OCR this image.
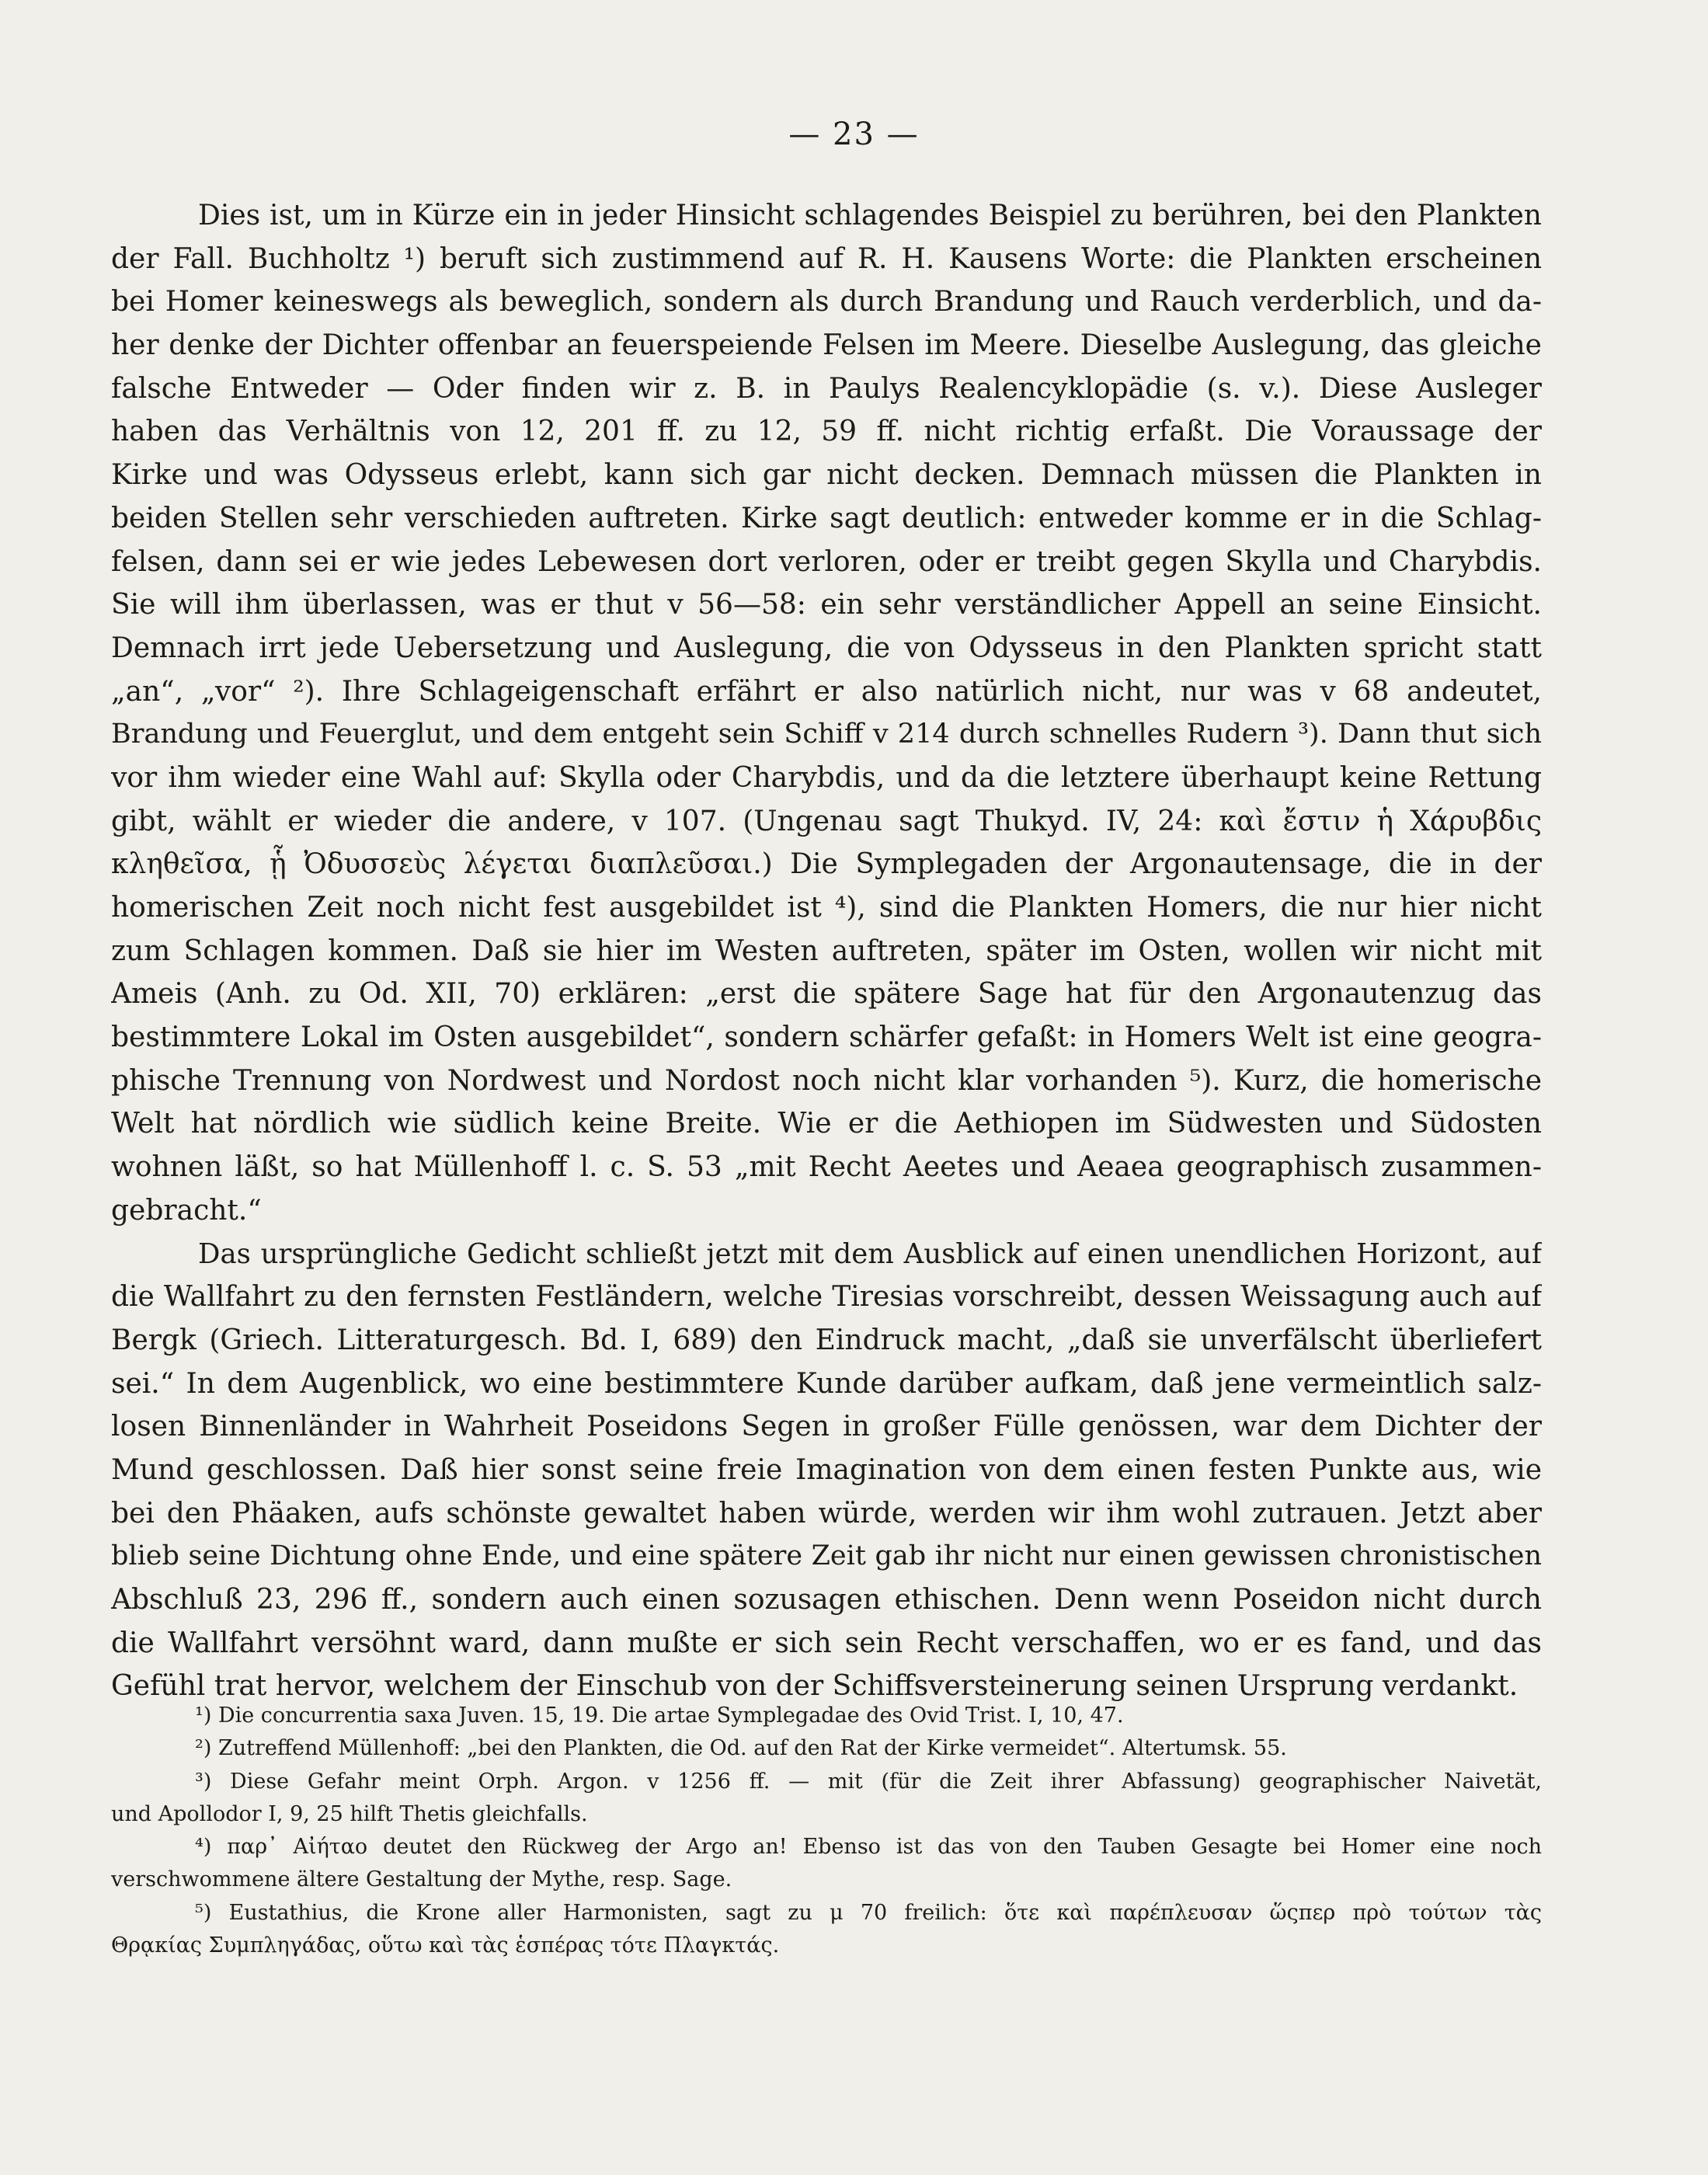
— 23 —
Dies ist, um in Kürze ein in jeder Hinsicht schlagendes Beispiel zu berühren, bei den Plankten
der Fall. Buchholtz ¹) beruft sich zustimmend auf R. H. Kausens Worte: die Plankten erscheinen
bei Homer keineswegs als beweglich, sondern als durch Brandung und Rauch verderblich, und da-
her denke der Dichter offenbar an feuerspeiende Felsen im Meere. Dieselbe Auslegung, das gleiche
falsche Entweder — Oder finden wir z. B. in Paulys Realencyklopädie (s. v.). Diese Ausleger
haben das Verhältnis von 12, 201 ff. zu 12, 59 ff. nicht richtig erfaßt. Die Voraussage der
Kirke und was Odysseus erlebt, kann sich gar nicht decken. Demnach müssen die Plankten in
beiden Stellen sehr verschieden auftreten. Kirke sagt deutlich: entweder komme er in die Schlag-
felsen, dann sei er wie jedes Lebewesen dort verloren, oder er treibt gegen Skylla und Charybdis.
Sie will ihm überlassen, was er thut v 56—58: ein sehr verständlicher Appell an seine Einsicht.
Demnach irrt jede Uebersetzung und Auslegung, die von Odysseus in den Plankten spricht statt
„an“, „vor“ ²). Ihre Schlageigenschaft erfährt er also natürlich nicht, nur was v 68 andeutet,
Brandung und Feuerglut, und dem entgeht sein Schiff v 214 durch schnelles Rudern ³). Dann thut sich
vor ihm wieder eine Wahl auf: Skylla oder Charybdis, und da die letztere überhaupt keine Rettung
gibt, wählt er wieder die andere, v 107. (Ungenau sagt Thukyd. IV, 24: καὶ ἔστιν ἡ Χάρυβδις
κληθεῖσα, ᾗ Ὀδυσσεὺς λέγεται διαπλεῦσαι.) Die Symplegaden der Argonautensage, die in der
homerischen Zeit noch nicht fest ausgebildet ist ⁴), sind die Plankten Homers, die nur hier nicht
zum Schlagen kommen. Daß sie hier im Westen auftreten, später im Osten, wollen wir nicht mit
Ameis (Anh. zu Od. XII, 70) erklären: „erst die spätere Sage hat für den Argonautenzug das
bestimmtere Lokal im Osten ausgebildet“, sondern schärfer gefaßt: in Homers Welt ist eine geogra-
phische Trennung von Nordwest und Nordost noch nicht klar vorhanden ⁵). Kurz, die homerische
Welt hat nördlich wie südlich keine Breite. Wie er die Aethiopen im Südwesten und Südosten
wohnen läßt, so hat Müllenhoff l. c. S. 53 „mit Recht Aeetes und Aeaea geographisch zusammen-
gebracht.“
Das ursprüngliche Gedicht schließt jetzt mit dem Ausblick auf einen unendlichen Horizont, auf
die Wallfahrt zu den fernsten Festländern, welche Tiresias vorschreibt, dessen Weissagung auch auf
Bergk (Griech. Litteraturgesch. Bd. I, 689) den Eindruck macht, „daß sie unverfälscht überliefert
sei.“ In dem Augenblick, wo eine bestimmtere Kunde darüber aufkam, daß jene vermeintlich salz-
losen Binnenländer in Wahrheit Poseidons Segen in großer Fülle genössen, war dem Dichter der
Mund geschlossen. Daß hier sonst seine freie Imagination von dem einen festen Punkte aus, wie
bei den Phäaken, aufs schönste gewaltet haben würde, werden wir ihm wohl zutrauen. Jetzt aber
blieb seine Dichtung ohne Ende, und eine spätere Zeit gab ihr nicht nur einen gewissen chronistischen
Abschluß 23, 296 ff., sondern auch einen sozusagen ethischen. Denn wenn Poseidon nicht durch
die Wallfahrt versöhnt ward, dann mußte er sich sein Recht verschaffen, wo er es fand, und das
Gefühl trat hervor, welchem der Einschub von der Schiffsversteinerung seinen Ursprung verdankt.
¹) Die concurrentia saxa Juven. 15, 19. Die artae Symplegadae des Ovid Trist. I, 10, 47.
²) Zutreffend Müllenhoff: „bei den Plankten, die Od. auf den Rat der Kirke vermeidet“. Altertumsk. 55.
³) Diese Gefahr meint Orph. Argon. v 1256 ff. — mit (für die Zeit ihrer Abfassung) geographischer Naivetät,
und Apollodor I, 9, 25 hilft Thetis gleichfalls.
⁴) παρ᾽ Αἰήταο deutet den Rückweg der Argo an! Ebenso ist das von den Tauben Gesagte bei Homer eine noch
verschwommene ältere Gestaltung der Mythe, resp. Sage.
⁵) Eustathius, die Krone aller Harmonisten, sagt zu μ 70 freilich: ὅτε καὶ παρέπλευσαν ὥςπερ πρὸ τούτων τὰς
Θρᾳκίας Συμπληγάδας, οὕτω καὶ τὰς ἑσπέρας τότε Πλαγκτάς.
